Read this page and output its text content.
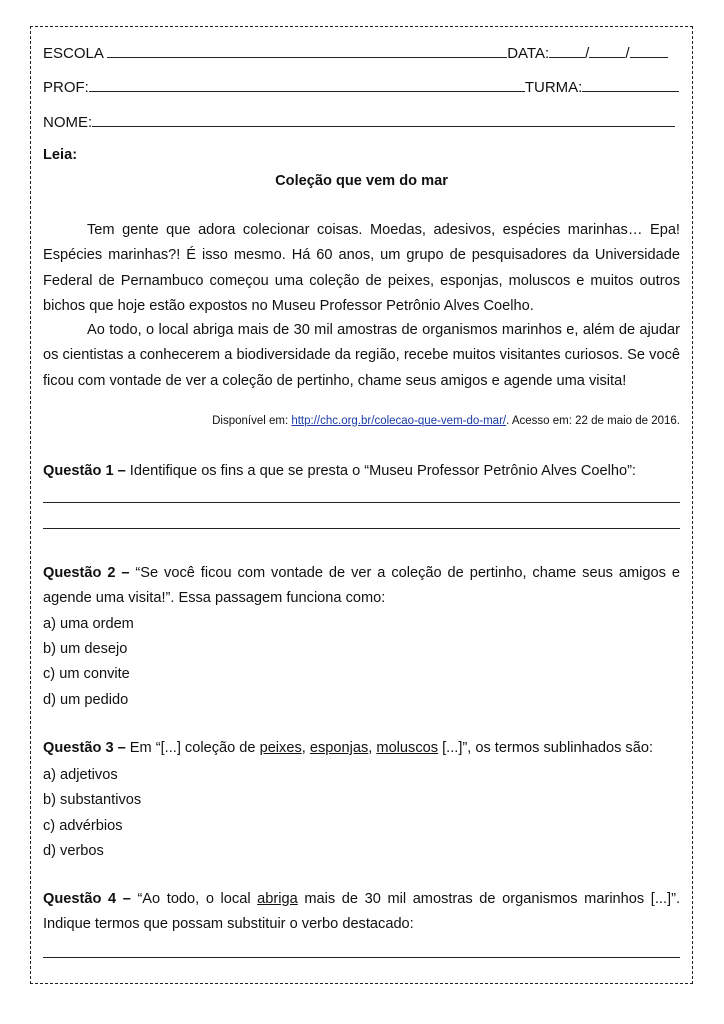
ESCOLA	DATA: / /
PROF:	TURMA:
NOME:
Leia:
Coleção que vem do mar
Tem gente que adora colecionar coisas. Moedas, adesivos, espécies marinhas… Epa! Espécies marinhas?! É isso mesmo. Há 60 anos, um grupo de pesquisadores da Universidade Federal de Pernambuco começou uma coleção de peixes, esponjas, moluscos e muitos outros bichos que hoje estão expostos no Museu Professor Petrônio Alves Coelho.
Ao todo, o local abriga mais de 30 mil amostras de organismos marinhos e, além de ajudar os cientistas a conhecerem a biodiversidade da região, recebe muitos visitantes curiosos. Se você ficou com vontade de ver a coleção de pertinho, chame seus amigos e agende uma visita!
Disponível em: http://chc.org.br/colecao-que-vem-do-mar/. Acesso em: 22 de maio de 2016.
Questão 1 – Identifique os fins a que se presta o “Museu Professor Petrônio Alves Coelho”:
Questão 2 – “Se você ficou com vontade de ver a coleção de pertinho, chame seus amigos e agende uma visita!”. Essa passagem funciona como:
a) uma ordem
b) um desejo
c) um convite
d) um pedido
Questão 3 – Em “[...] coleção de peixes, esponjas, moluscos [...]”, os termos sublinhados são:
a) adjetivos
b) substantivos
c) advérbios
d) verbos
Questão 4 – “Ao todo, o local abriga mais de 30 mil amostras de organismos marinhos [...]”. Indique termos que possam substituir o verbo destacado:
